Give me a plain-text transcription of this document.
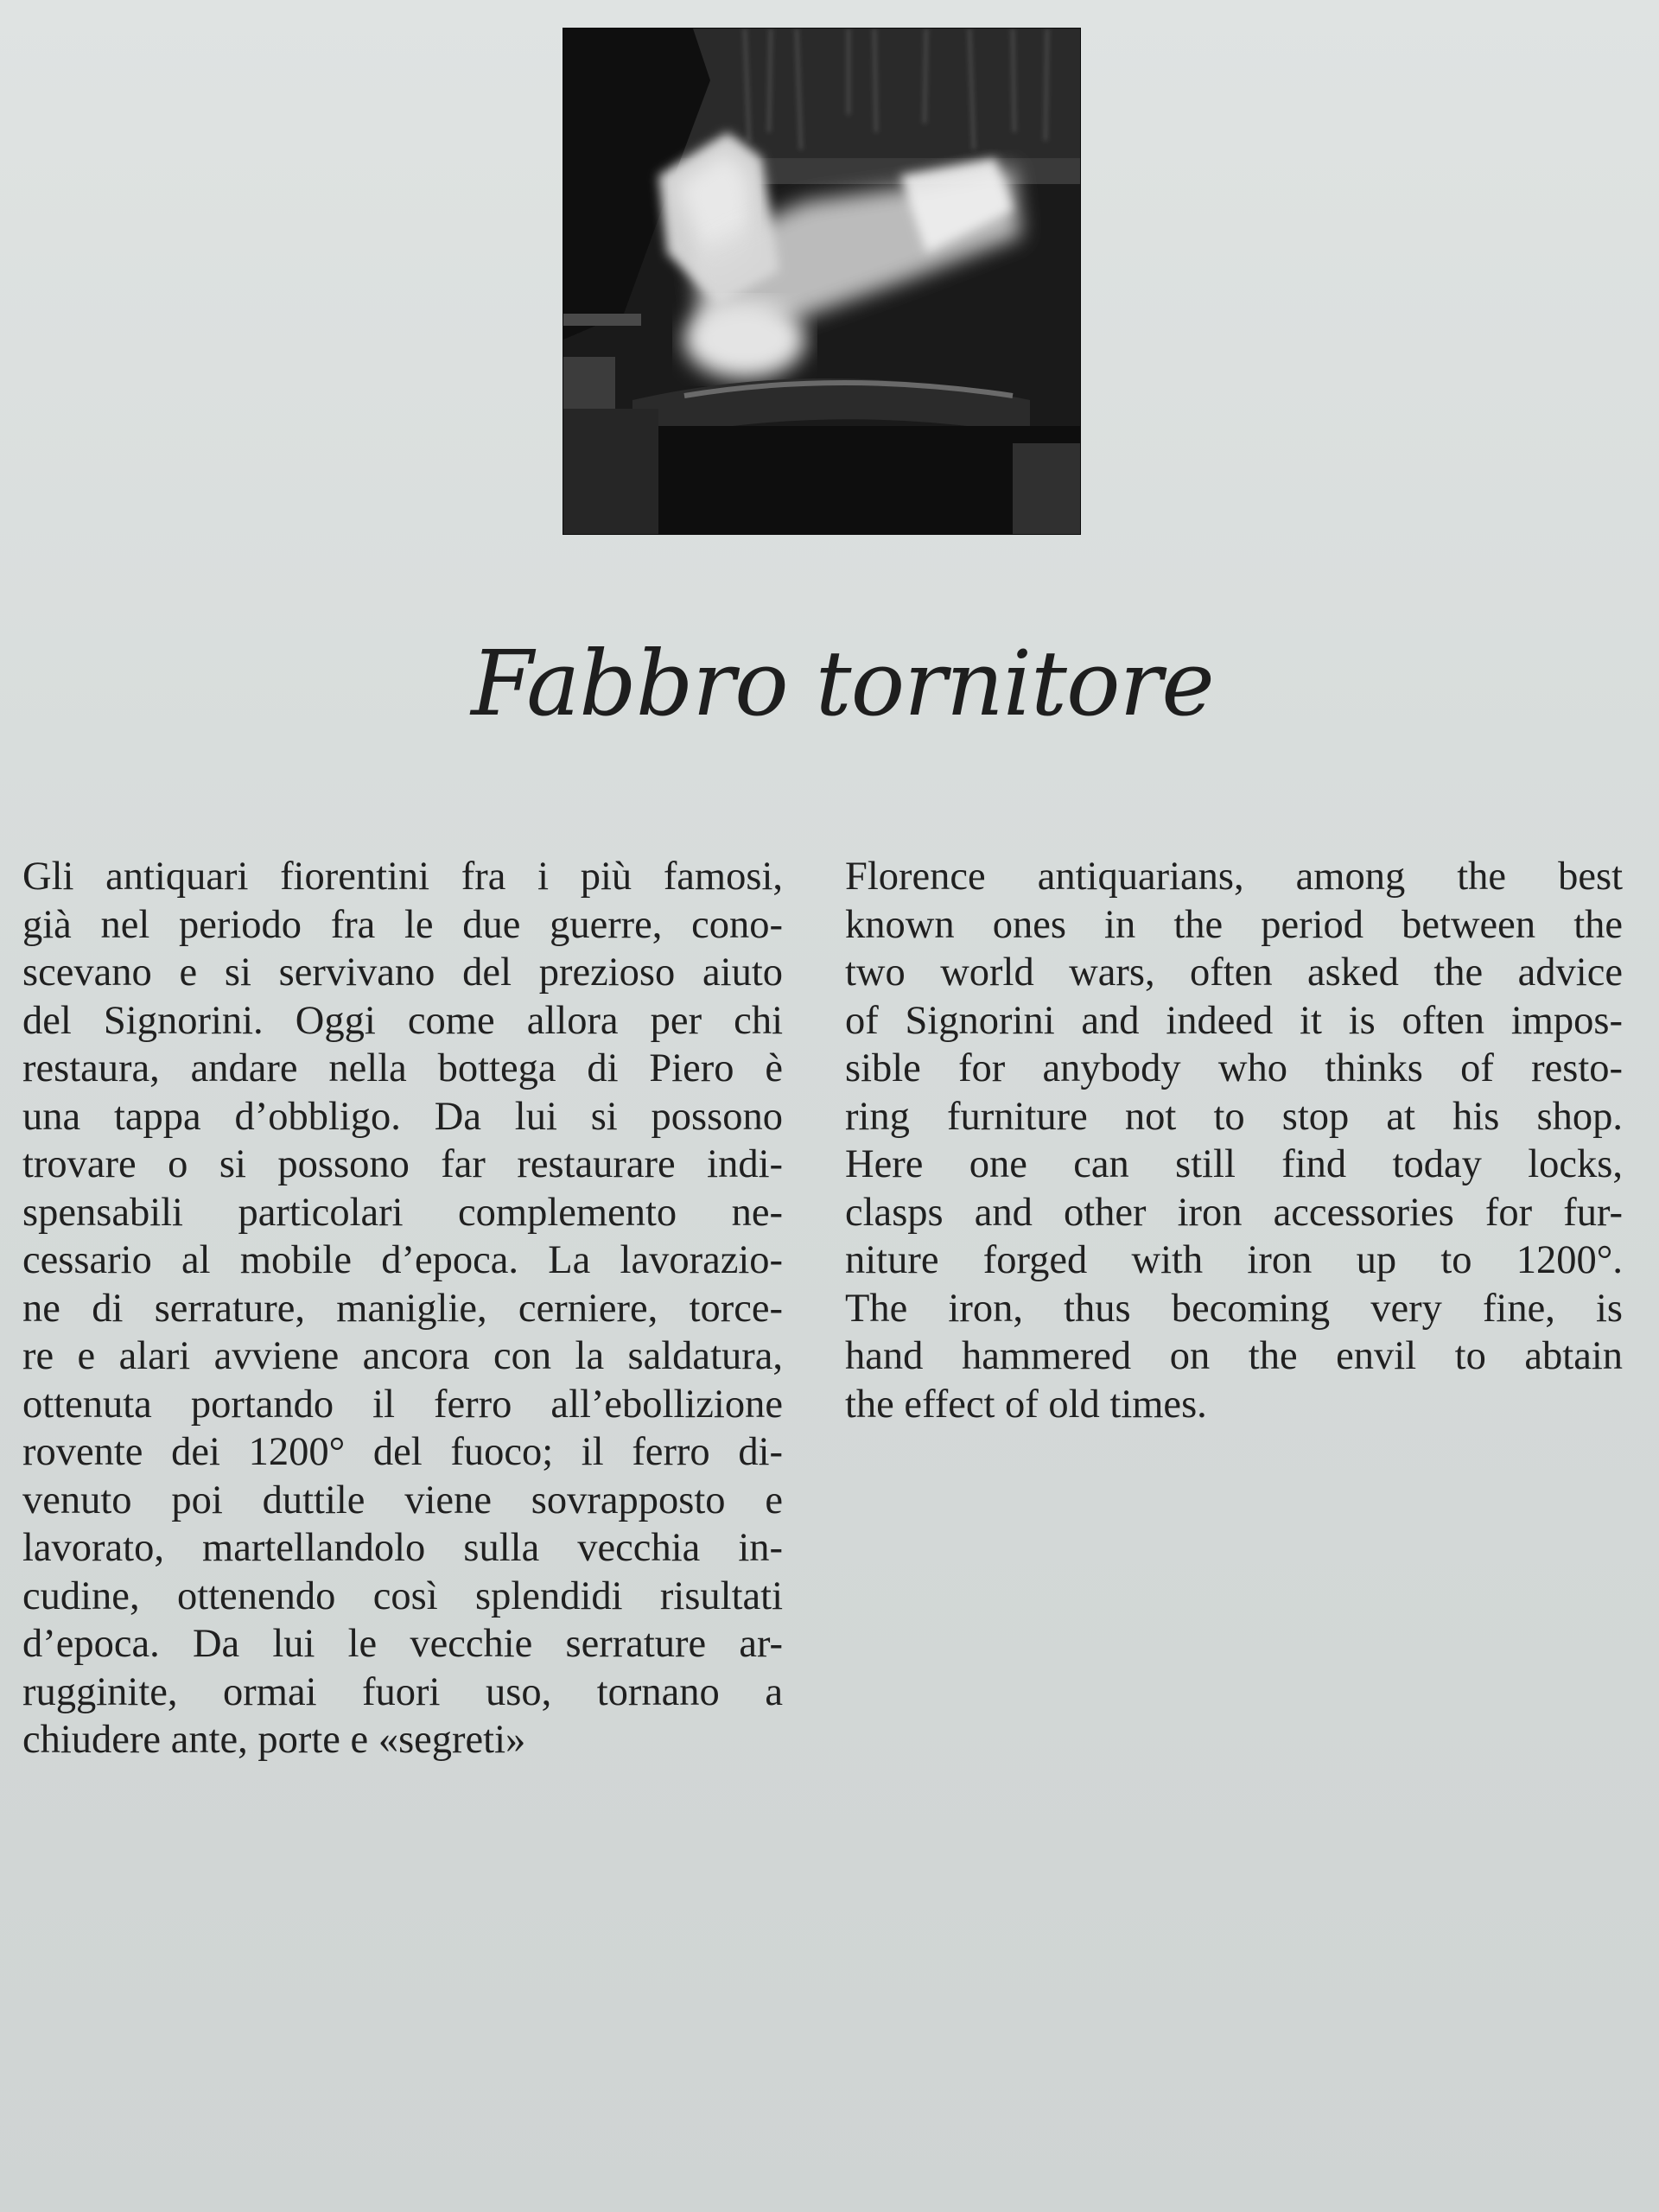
Fabbro tornitore
Gli antiquari fiorentini fra i più famosi,
già nel periodo fra le due guerre, cono-
scevano e si servivano del prezioso aiuto
del Signorini. Oggi come allora per chi
restaura, andare nella bottega di Piero è
una tappa d’obbligo. Da lui si possono
trovare o si possono far restaurare indi-
spensabili particolari complemento ne-
cessario al mobile d’epoca. La lavorazio-
ne di serrature, maniglie, cerniere, torce-
re e alari avviene ancora con la saldatura,
ottenuta portando il ferro all’ebollizione
rovente dei 1200° del fuoco; il ferro di-
venuto poi duttile viene sovrapposto e
lavorato, martellandolo sulla vecchia in-
cudine, ottenendo così splendidi risultati
d’epoca. Da lui le vecchie serrature ar-
rugginite, ormai fuori uso, tornano a
chiudere ante, porte e «segreti»
Florence antiquarians, among the best
known ones in the period between the
two world wars, often asked the advice
of Signorini and indeed it is often impos-
sible for anybody who thinks of resto-
ring furniture not to stop at his shop.
Here one can still find today locks,
clasps and other iron accessories for fur-
niture forged with iron up to 1200°.
The iron, thus becoming very fine, is
hand hammered on the envil to abtain
the effect of old times.
